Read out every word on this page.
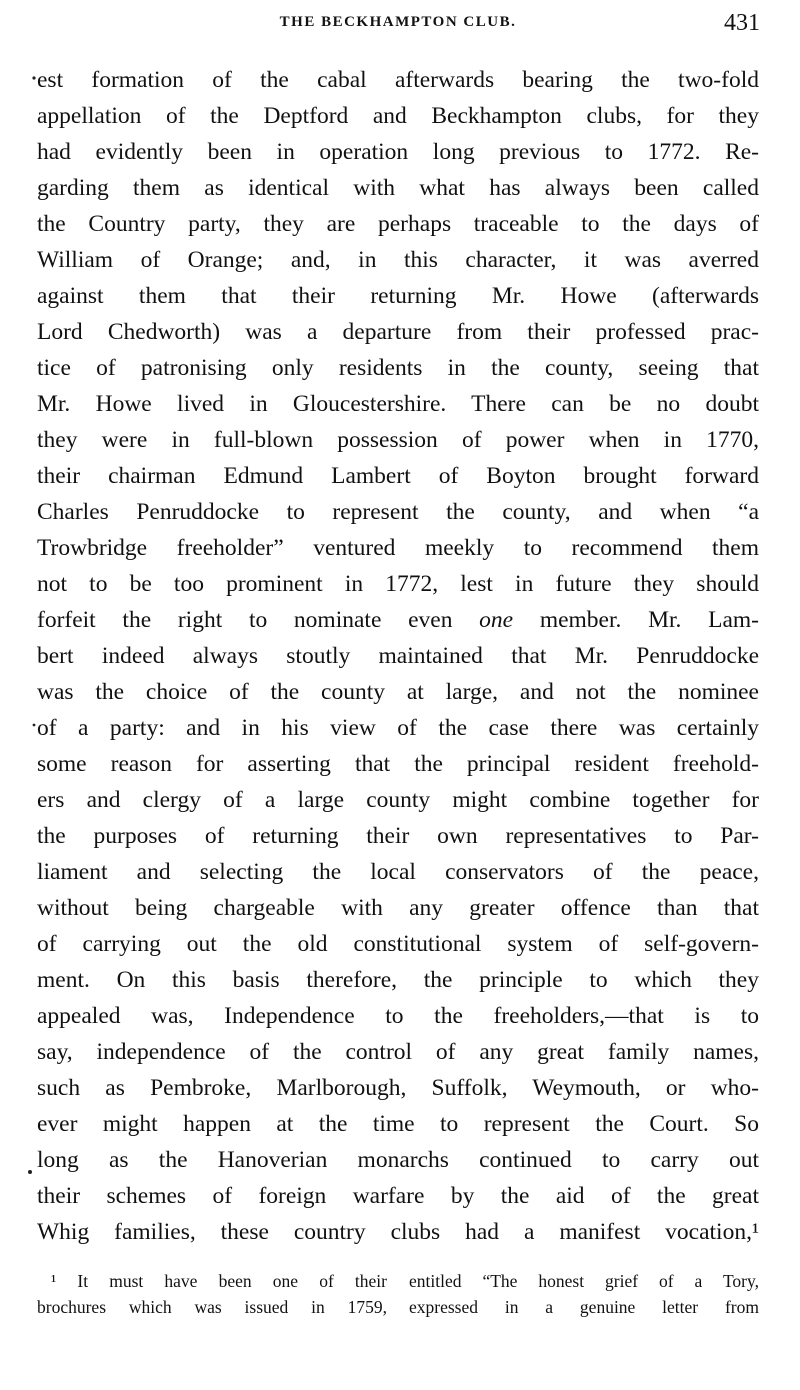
THE BECKHAMPTON CLUB.	431
est formation of the cabal afterwards bearing the two-fold
appellation of the Deptford and Beckhampton clubs, for they
had evidently been in operation long previous to 1772. Re-
garding them as identical with what has always been called
the Country party, they are perhaps traceable to the days of
William of Orange; and, in this character, it was averred
against them that their returning Mr. Howe (afterwards
Lord Chedworth) was a departure from their professed prac-
tice of patronising only residents in the county, seeing that
Mr. Howe lived in Gloucestershire. There can be no doubt
they were in full-blown possession of power when in 1770,
their chairman Edmund Lambert of Boyton brought forward
Charles Penruddocke to represent the county, and when “a
Trowbridge freeholder” ventured meekly to recommend them
not to be too prominent in 1772, lest in future they should
forfeit the right to nominate even one member. Mr. Lam-
bert indeed always stoutly maintained that Mr. Penruddocke
was the choice of the county at large, and not the nominee
of a party: and in his view of the case there was certainly
some reason for asserting that the principal resident freehold-
ers and clergy of a large county might combine together for
the purposes of returning their own representatives to Par-
liament and selecting the local conservators of the peace,
without being chargeable with any greater offence than that
of carrying out the old constitutional system of self-govern-
ment. On this basis therefore, the principle to which they
appealed was, Independence to the freeholders,—that is to
say, independence of the control of any great family names,
such as Pembroke, Marlborough, Suffolk, Weymouth, or who-
ever might happen at the time to represent the Court. So
long as the Hanoverian monarchs continued to carry out
their schemes of foreign warfare by the aid of the great
Whig families, these country clubs had a manifest vocation,¹
¹ It must have been one of their
brochures which was issued in 1759,
entitled “The honest grief of a Tory,
expressed in a genuine letter from
